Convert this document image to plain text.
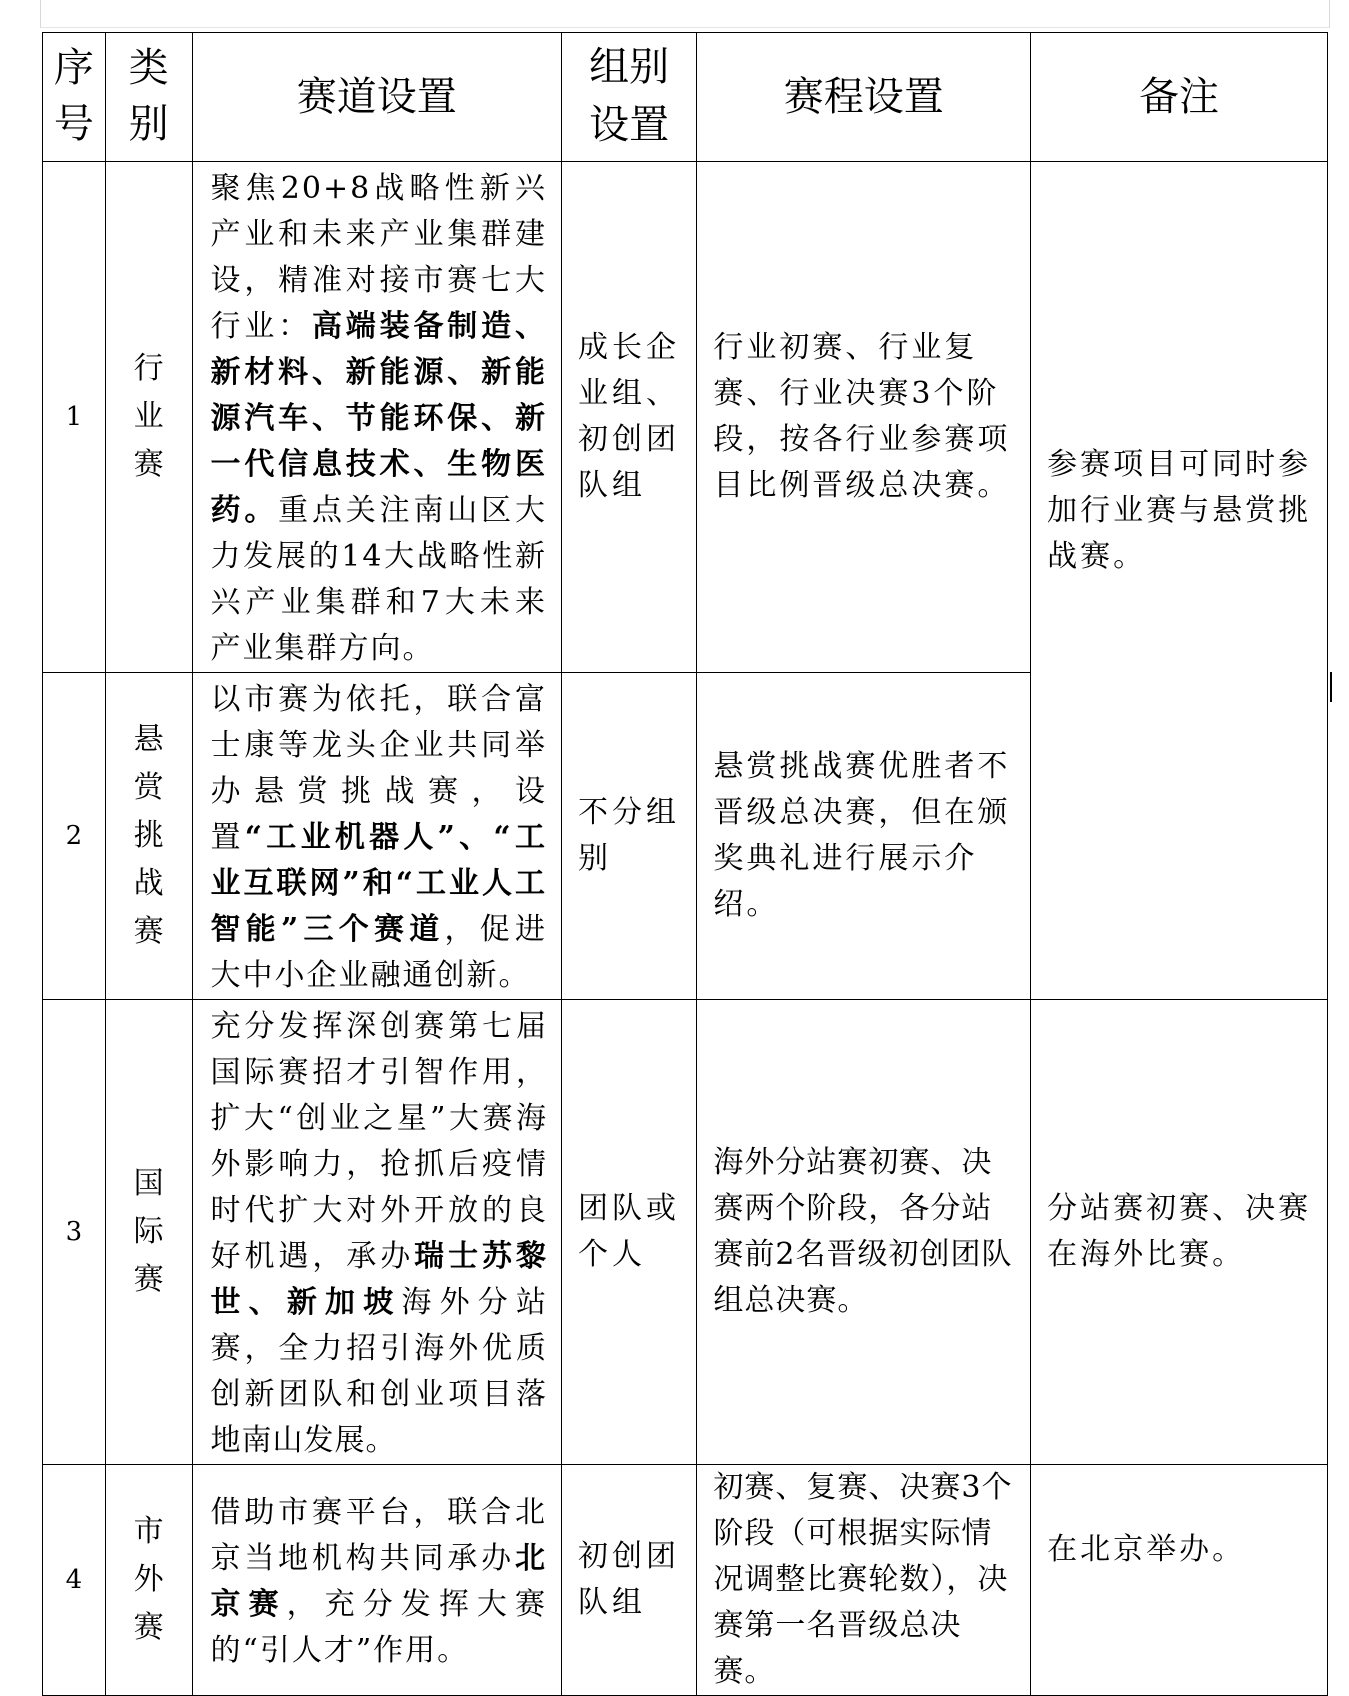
序号	类别	赛道设置	组别设置	赛程设置	备注
1	行业赛	聚焦20+8战略性新兴产业和未来产业集群建设，精准对接市赛七大行业：高端装备制造、新材料、新能源、新能源汽车、节能环保、新一代信息技术、生物医药。重点关注南山区大力发展的14大战略性新兴产业集群和7大未来产业集群方向。	成长企业组、初创团队组	行业初赛、行业复赛、行业决赛3个阶段，按各行业参赛项目比例晋级总决赛。	参赛项目可同时参加行业赛与悬赏挑战赛。
2	悬赏挑战赛	以市赛为依托，联合富士康等龙头企业共同举办悬赏挑战赛，设置“工业机器人”、“工业互联网”和“工业人工智能”三个赛道，促进大中小企业融通创新。	不分组别	悬赏挑战赛优胜者不晋级总决赛，但在颁奖典礼进行展示介绍。	
3	国际赛	充分发挥深创赛第七届国际赛招才引智作用，扩大“创业之星”大赛海外影响力，抢抓后疫情时代扩大对外开放的良好机遇，承办瑞士苏黎世、新加坡海外分站赛，全力招引海外优质创新团队和创业项目落地南山发展。	团队或个人	海外分站赛初赛、决赛两个阶段，各分站赛前2名晋级初创团队组总决赛。	分站赛初赛、决赛在海外比赛。
4	市外赛	借助市赛平台，联合北京当地机构共同承办北京赛，充分发挥大赛的“引人才”作用。	初创团队组	初赛、复赛、决赛3个阶段（可根据实际情况调整比赛轮数），决赛第一名晋级总决赛。	在北京举办。
